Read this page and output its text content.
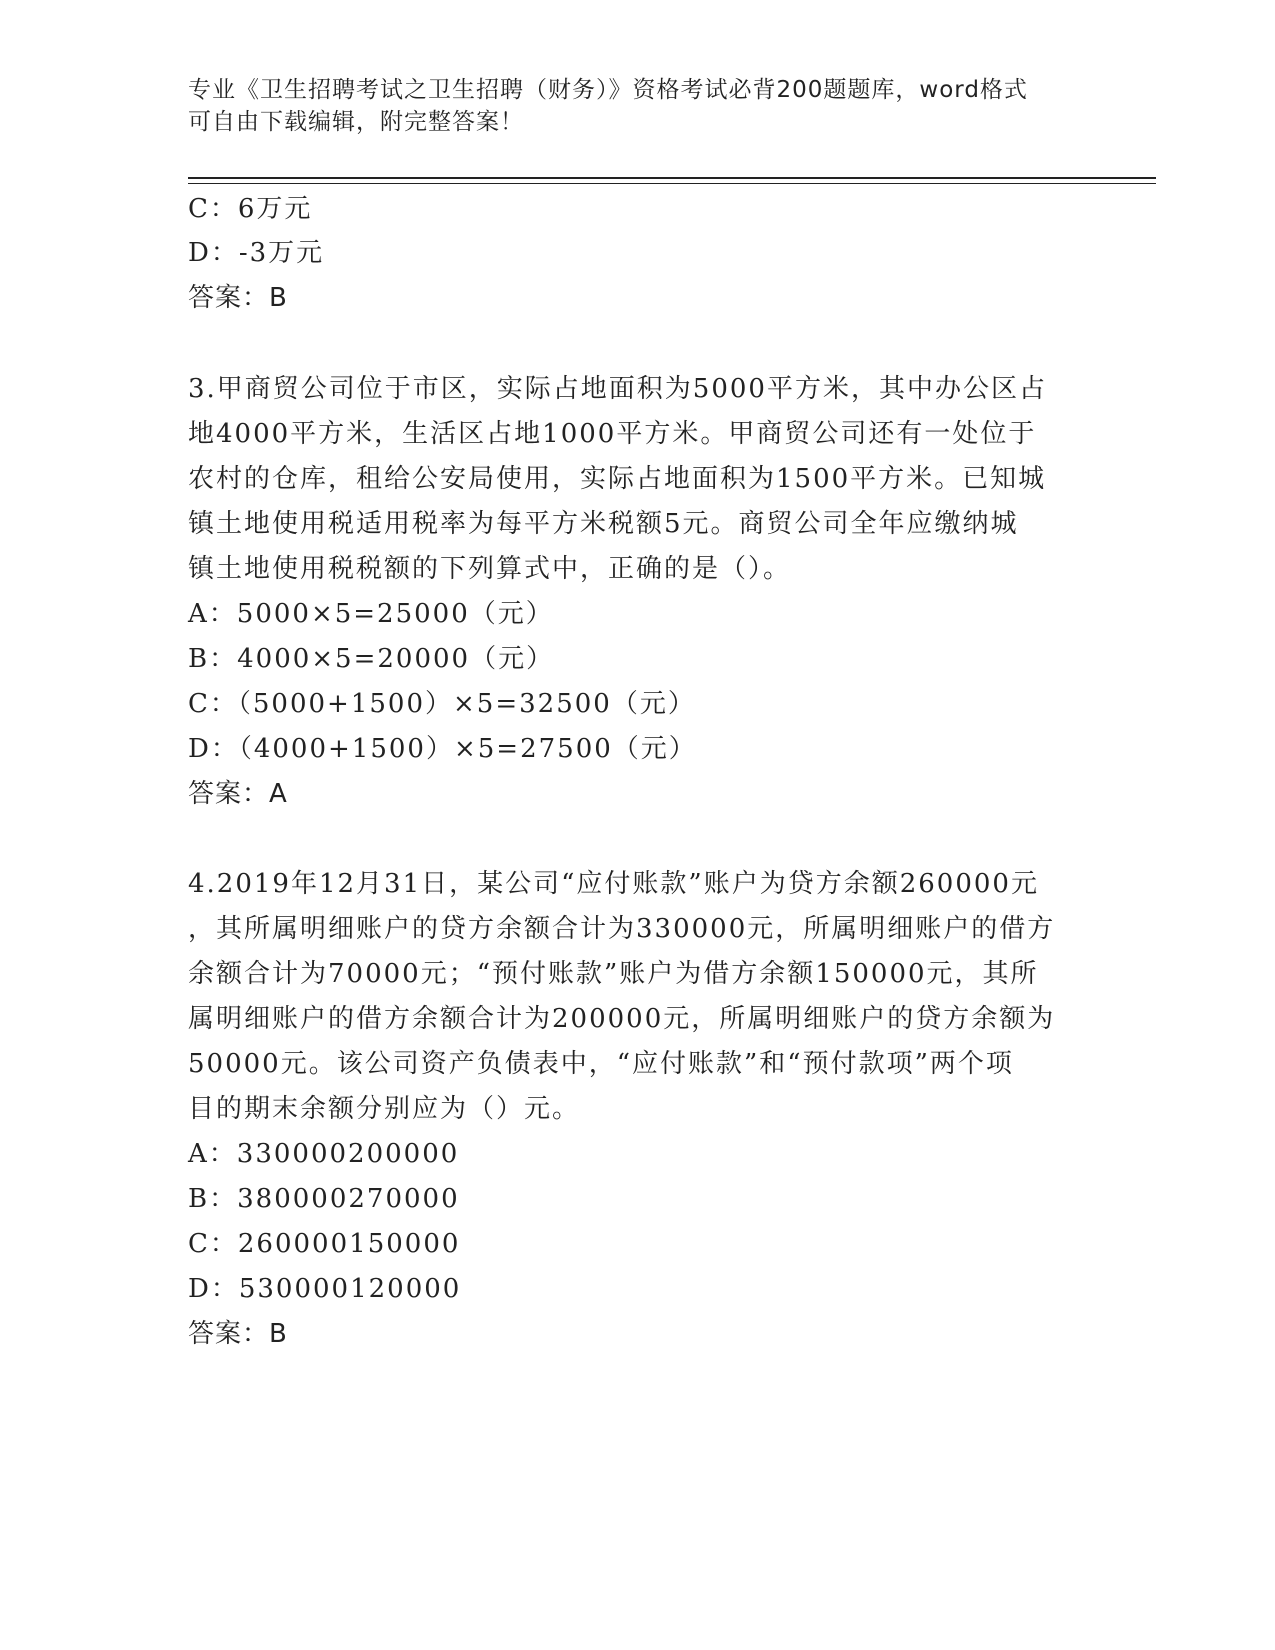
专业《卫生招聘考试之卫生招聘（财务）》资格考试必背200题题库，word格式
可自由下载编辑，附完整答案！
C：6万元
D：-3万元
答案：B
3.甲商贸公司位于市区，实际占地面积为5000平方米，其中办公区占
地4000平方米，生活区占地1000平方米。甲商贸公司还有一处位于
农村的仓库，租给公安局使用，实际占地面积为1500平方米。已知城
镇土地使用税适用税率为每平方米税额5元。商贸公司全年应缴纳城
镇土地使用税税额的下列算式中，正确的是（）。
A：5000×5=25000（元）
B：4000×5=20000（元）
C：（5000+1500）×5=32500（元）
D：（4000+1500）×5=27500（元）
答案：A
4.2019年12月31日，某公司“应付账款”账户为贷方余额260000元
，其所属明细账户的贷方余额合计为330000元，所属明细账户的借方
余额合计为70000元；“预付账款”账户为借方余额150000元，其所
属明细账户的借方余额合计为200000元，所属明细账户的贷方余额为
50000元。该公司资产负债表中，“应付账款”和“预付款项”两个项
目的期末余额分别应为（）元。
A：330000200000
B：380000270000
C：260000150000
D：530000120000
答案：B
